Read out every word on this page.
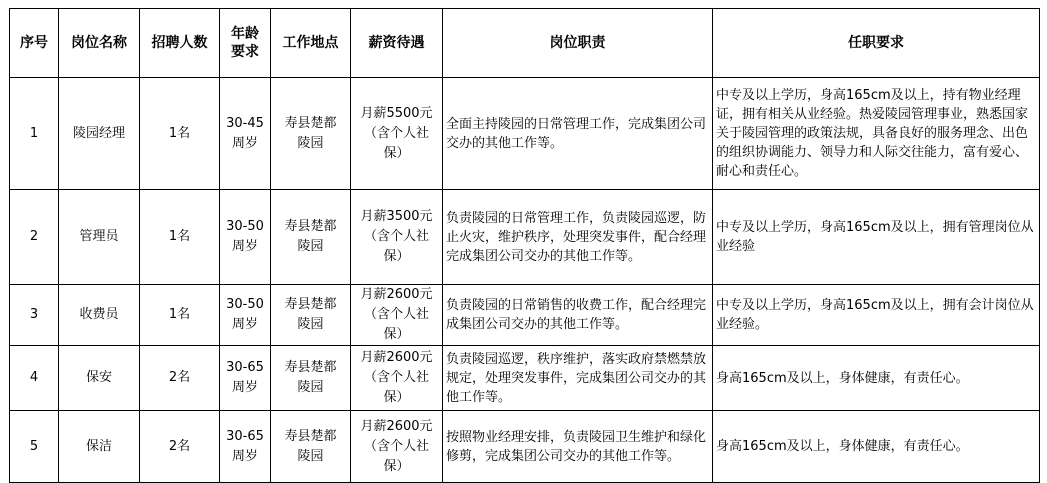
序号	岗位名称	招聘人数	年龄要求	工作地点	薪资待遇	岗位职责	任职要求
1	陵园经理	1名	30-45周岁	寿县楚都陵园	月薪5500元（含个人社保）	全面主持陵园的日常管理工作，完成集团公司交办的其他工作等。	中专及以上学历，身高165cm及以上，持有物业经理证，拥有相关从业经验。热爱陵园管理事业，熟悉国家关于陵园管理的政策法规，具备良好的服务理念、出色的组织协调能力、领导力和人际交往能力，富有爱心、耐心和责任心。
2	管理员	1名	30-50周岁	寿县楚都陵园	月薪3500元（含个人社保）	负责陵园的日常管理工作，负责陵园巡逻，防止火灾，维护秩序，处理突发事件，配合经理完成集团公司交办的其他工作等。	中专及以上学历，身高165cm及以上，拥有管理岗位从业经验
3	收费员	1名	30-50周岁	寿县楚都陵园	月薪2600元（含个人社保）	负责陵园的日常销售的收费工作，配合经理完成集团公司交办的其他工作等。	中专及以上学历，身高165cm及以上，拥有会计岗位从业经验。
4	保安	2名	30-65周岁	寿县楚都陵园	月薪2600元（含个人社保）	负责陵园巡逻，秩序维护，落实政府禁燃禁放规定，处理突发事件，完成集团公司交办的其他工作等。	身高165cm及以上，身体健康，有责任心。
5	保洁	2名	30-65周岁	寿县楚都陵园	月薪2600元（含个人社保）	按照物业经理安排，负责陵园卫生维护和绿化修剪，完成集团公司交办的其他工作等。	身高165cm及以上，身体健康，有责任心。
